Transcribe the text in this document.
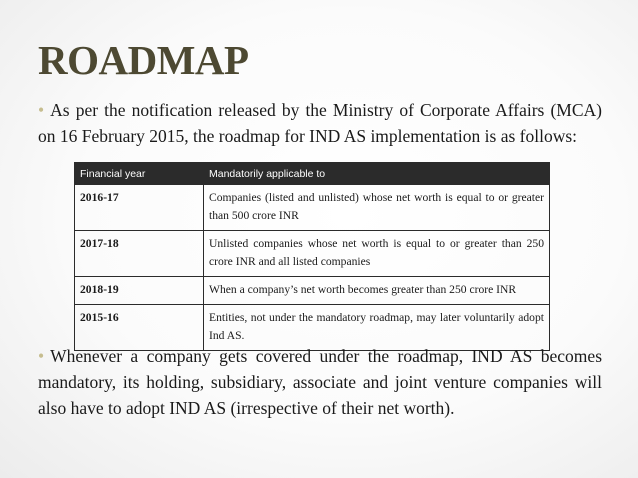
ROADMAP
• As per the notification released by the Ministry of Corporate Affairs (MCA) on 16 February 2015, the roadmap for IND AS implementation is as follows:
Financial year	Mandatorily applicable to
2016-17	Companies (listed and unlisted) whose net worth is equal to or greater than 500 crore INR
2017-18	Unlisted companies whose net worth is equal to or greater than 250 crore INR and all listed companies
2018-19	When a company’s net worth becomes greater than 250 crore INR
2015-16	Entities, not under the mandatory roadmap, may later voluntarily adopt Ind AS.
• Whenever a company gets covered under the roadmap, IND AS becomes mandatory, its holding, subsidiary, associate and joint venture companies will also have to adopt IND AS (irrespective of their net worth).
